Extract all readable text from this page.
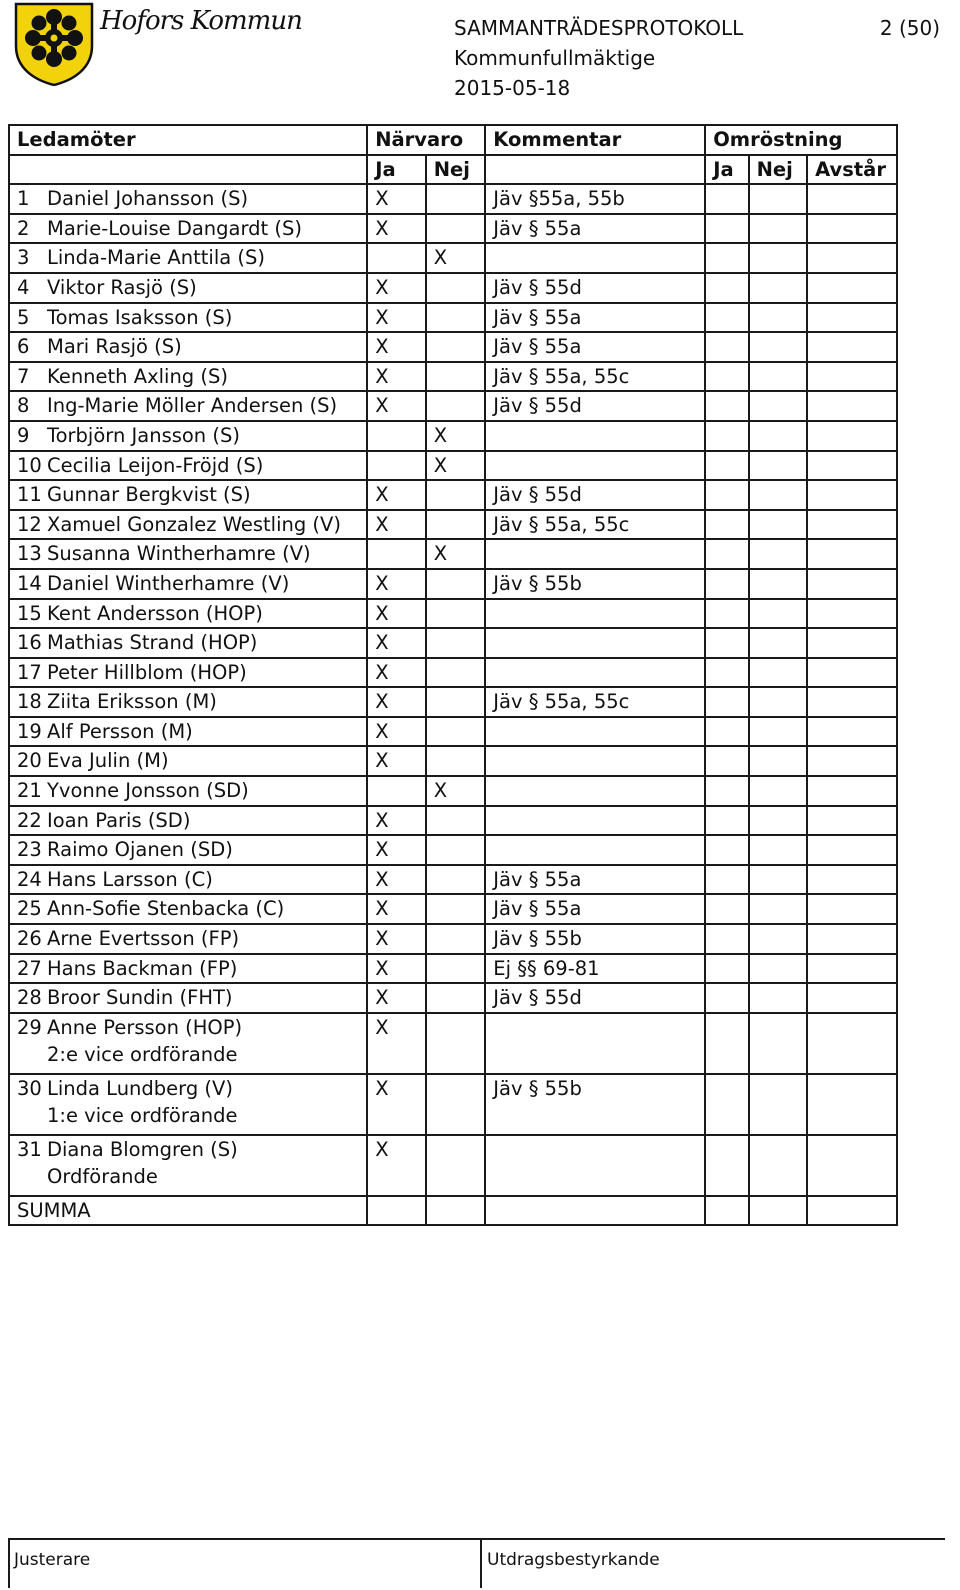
Hofors Kommun	SAMMANTRÄDESPROTOKOLL
Kommunfullmäktige
2015-05-18
2 (50)
Ledamöter	Närvaro		Kommentar	Omröstning		
	Ja	Nej		Ja	Nej	Avstår
1 Daniel Johansson (S)	X		Jäv §55a, 55b			
2 Marie-Louise Dangardt (S)	X		Jäv § 55a			
3 Linda-Marie Anttila (S)		X				
4 Viktor Rasjö (S)	X		Jäv § 55d			
5 Tomas Isaksson (S)	X		Jäv § 55a			
6 Mari Rasjö (S)	X		Jäv § 55a			
7 Kenneth Axling (S)	X		Jäv § 55a, 55c			
8 Ing-Marie Möller Andersen (S)	X		Jäv § 55d			
9 Torbjörn Jansson (S)		X				
10 Cecilia Leijon-Fröjd (S)		X				
11 Gunnar Bergkvist (S)	X		Jäv § 55d			
12 Xamuel Gonzalez Westling (V)	X		Jäv § 55a, 55c			
13 Susanna Wintherhamre (V)		X				
14 Daniel Wintherhamre (V)	X		Jäv § 55b			
15 Kent Andersson (HOP)	X					
16 Mathias Strand (HOP)	X					
17 Peter Hillblom (HOP)	X					
18 Ziita Eriksson (M)	X		Jäv § 55a, 55c			
19 Alf Persson (M)	X					
20 Eva Julin (M)	X					
21 Yvonne Jonsson (SD)		X				
22 Ioan Paris (SD)	X					
23 Raimo Ojanen (SD)	X					
24 Hans Larsson (C)	X		Jäv § 55a			
25 Ann-Sofie Stenbacka (C)	X		Jäv § 55a			
26 Arne Evertsson (FP)	X		Jäv § 55b			
27 Hans Backman (FP)	X		Ej §§ 69-81			
28 Broor Sundin (FHT)	X		Jäv § 55d			
29 Anne Persson (HOP)
2:e vice ordförande	X					
30 Linda Lundberg (V)
1:e vice ordförande	X		Jäv § 55b			
31 Diana Blomgren (S)
Ordförande	X					
SUMMA						
Justerare	Utdragsbestyrkande
